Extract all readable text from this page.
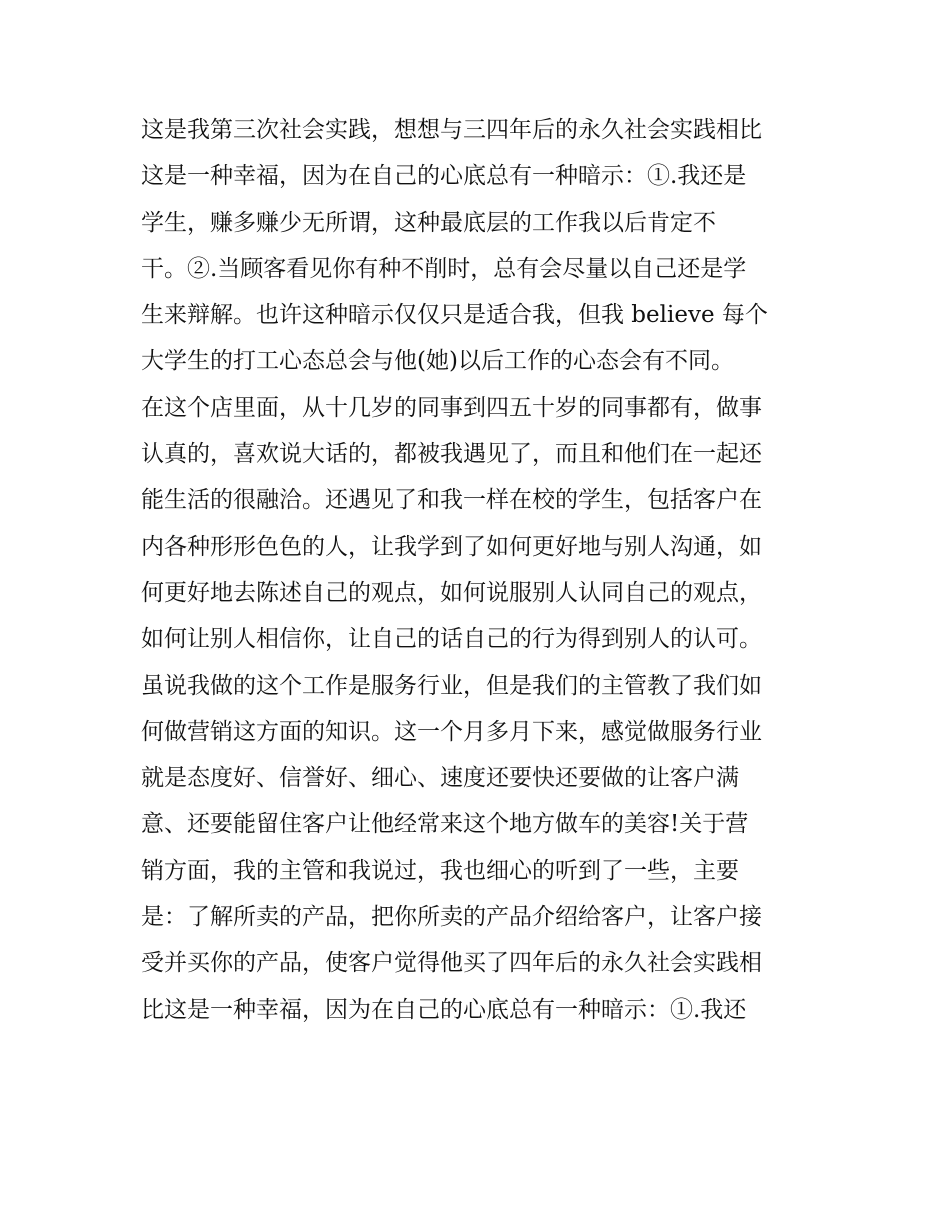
这是我第三次社会实践，想想与三四年后的永久社会实践相比
这是一种幸福，因为在自己的心底总有一种暗示：①.我还是
学生，赚多赚少无所谓，这种最底层的工作我以后肯定不
干。②.当顾客看见你有种不削时，总有会尽量以自己还是学
生来辩解。也许这种暗示仅仅只是适合我，但我 believe 每个
大学生的打工心态总会与他(她)以后工作的心态会有不同。
在这个店里面，从十几岁的同事到四五十岁的同事都有，做事
认真的，喜欢说大话的，都被我遇见了，而且和他们在一起还
能生活的很融洽。还遇见了和我一样在校的学生，包括客户在
内各种形形色色的人，让我学到了如何更好地与别人沟通，如
何更好地去陈述自己的观点，如何说服别人认同自己的观点，
如何让别人相信你，让自己的话自己的行为得到别人的认可。
虽说我做的这个工作是服务行业，但是我们的主管教了我们如
何做营销这方面的知识。这一个月多月下来，感觉做服务行业
就是态度好、信誉好、细心、速度还要快还要做的让客户满
意、还要能留住客户让他经常来这个地方做车的美容!关于营
销方面，我的主管和我说过，我也细心的听到了一些，主要
是：了解所卖的产品，把你所卖的产品介绍给客户，让客户接
受并买你的产品，使客户觉得他买了四年后的永久社会实践相
比这是一种幸福，因为在自己的心底总有一种暗示：①.我还
